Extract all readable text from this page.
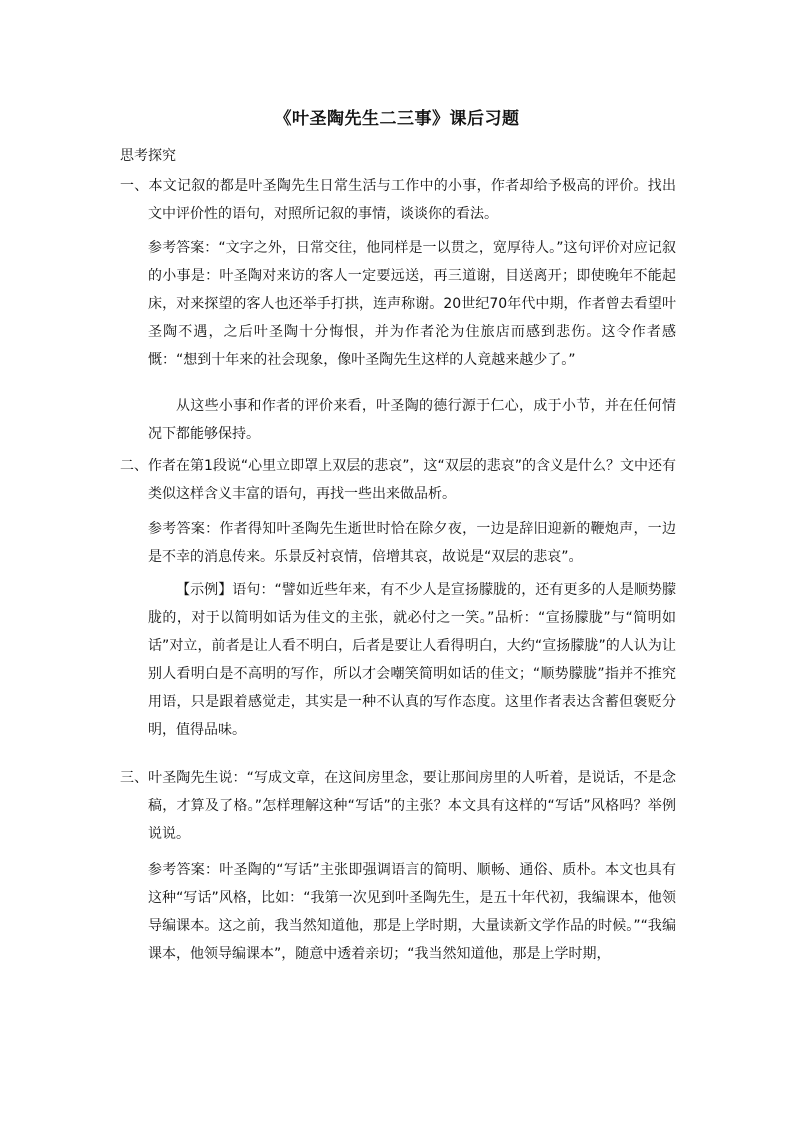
《叶圣陶先生二三事》课后习题
思考探究

一、本文记叙的都是叶圣陶先生日常生活与工作中的小事，作者却给予极高的评价。找出文中评价性的语句，对照所记叙的事情，谈谈你的看法。

参考答案：“文字之外，日常交往，他同样是一以贯之，宽厚待人。”这句评价对应记叙的小事是：叶圣陶对来访的客人一定要远送，再三道谢，目送离开；即使晚年不能起床，对来探望的客人也还举手打拱，连声称谢。20世纪70年代中期，作者曾去看望叶圣陶不遇，之后叶圣陶十分悔恨，并为作者沦为住旅店而感到悲伤。这令作者感慨：“想到十年来的社会现象，像叶圣陶先生这样的人竟越来越少了。”

从这些小事和作者的评价来看，叶圣陶的德行源于仁心，成于小节，并在任何情况下都能够保持。

二、作者在第1段说“心里立即罩上双层的悲哀”，这“双层的悲哀”的含义是什么？文中还有类似这样含义丰富的语句，再找一些出来做品析。

参考答案：作者得知叶圣陶先生逝世时恰在除夕夜，一边是辞旧迎新的鞭炮声，一边是不幸的消息传来。乐景反衬哀情，倍增其哀，故说是“双层的悲哀”。

【示例】语句：“譬如近些年来，有不少人是宣扬朦胧的，还有更多的人是顺势朦胧的，对于以简明如话为佳文的主张，就必付之一笑。”品析：“宣扬朦胧”与“简明如话”对立，前者是让人看不明白，后者是要让人看得明白，大约“宣扬朦胧”的人认为让别人看明白是不高明的写作，所以才会嘲笑简明如话的佳文；“顺势朦胧”指并不推究用语，只是跟着感觉走，其实是一种不认真的写作态度。这里作者表达含蓄但褒贬分明，值得品味。

三、叶圣陶先生说：“写成文章，在这间房里念，要让那间房里的人听着，是说话，不是念稿，才算及了格。”怎样理解这种“写话”的主张？本文具有这样的“写话”风格吗？举例说说。

参考答案：叶圣陶的“写话”主张即强调语言的简明、顺畅、通俗、质朴。本文也具有这种“写话”风格，比如：“我第一次见到叶圣陶先生，是五十年代初，我编课本，他领导编课本。这之前，我当然知道他，那是上学时期，大量读新文学作品的时候。”“我编课本，他领导编课本”，随意中透着亲切；“我当然知道他，那是上学时期，
